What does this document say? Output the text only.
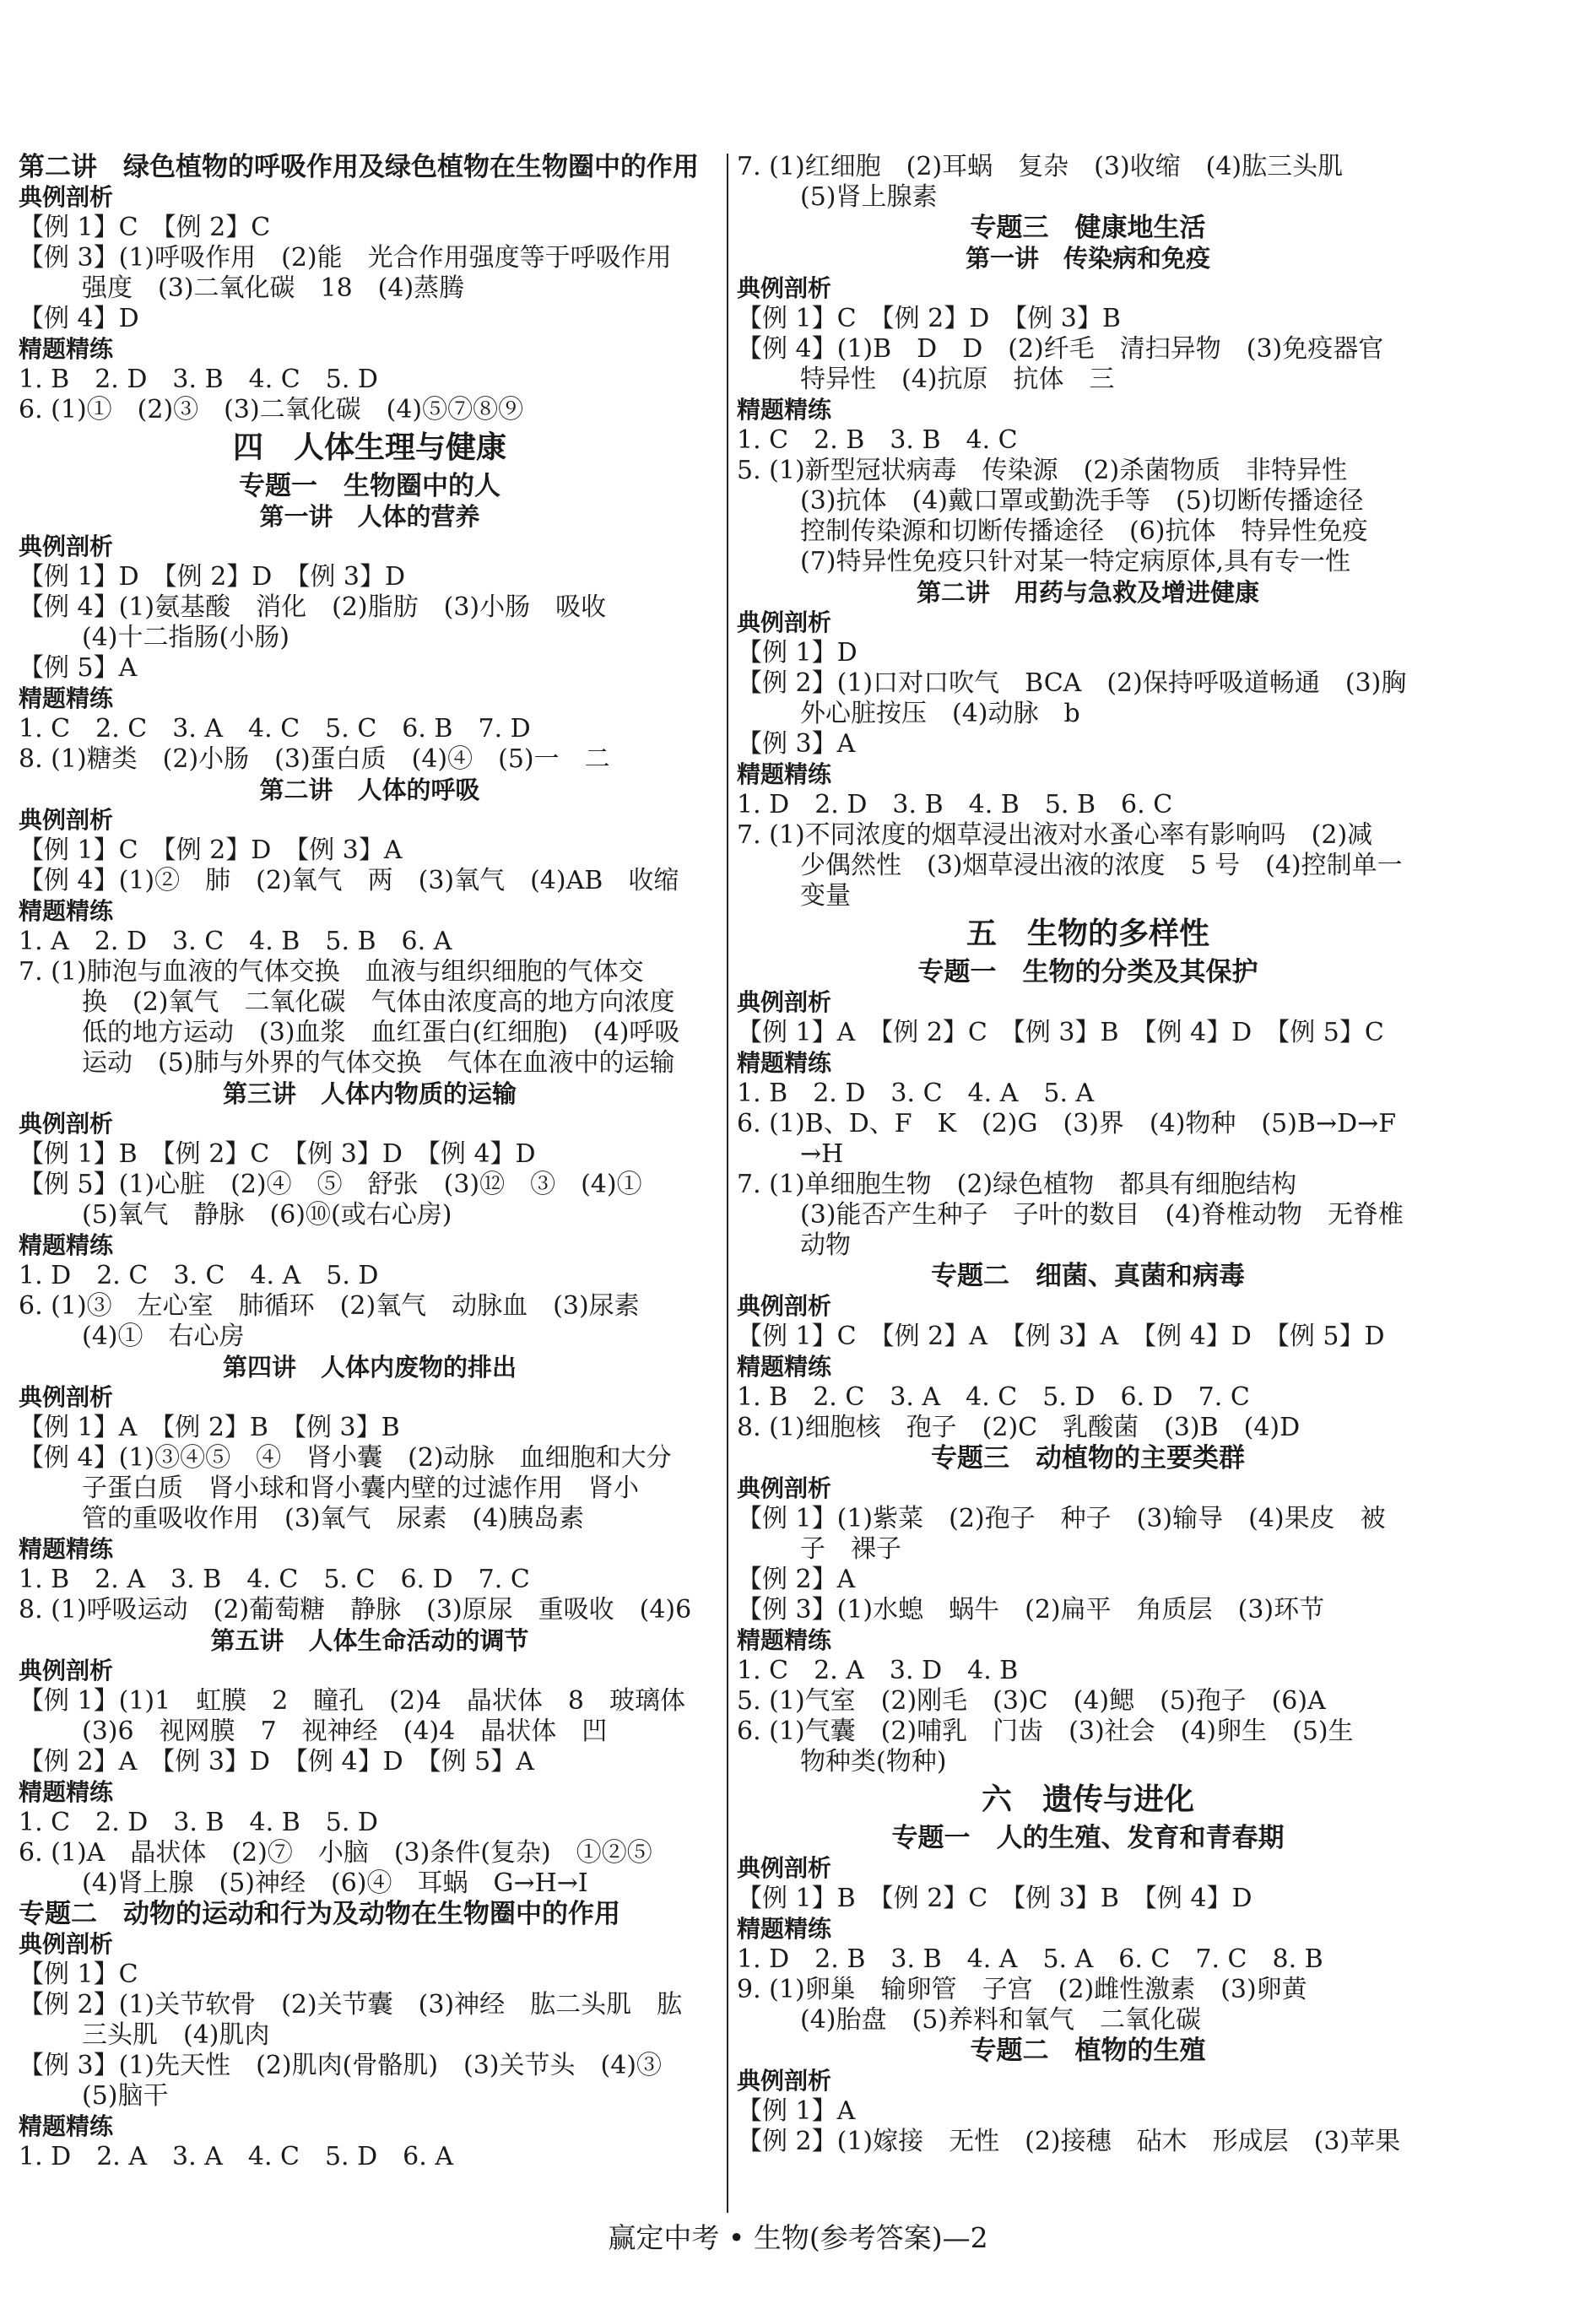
第二讲　绿色植物的呼吸作用及绿色植物在生物圈中的作用
典例剖析
【例 1】C　【例 2】C
【例 3】(1)呼吸作用　(2)能　光合作用强度等于呼吸作用
强度　(3)二氧化碳　18　(4)蒸腾
【例 4】D
精题精练
1. B　2. D　3. B　4. C　5. D
6. (1)①　(2)③　(3)二氧化碳　(4)⑤⑦⑧⑨
四　人体生理与健康
专题一　生物圈中的人
第一讲　人体的营养
典例剖析
【例 1】D　【例 2】D　【例 3】D
【例 4】(1)氨基酸　消化　(2)脂肪　(3)小肠　吸收
(4)十二指肠(小肠)
【例 5】A
精题精练
1. C　2. C　3. A　4. C　5. C　6. B　7. D
8. (1)糖类　(2)小肠　(3)蛋白质　(4)④　(5)一　二
第二讲　人体的呼吸
典例剖析
【例 1】C　【例 2】D　【例 3】A
【例 4】(1)②　肺　(2)氧气　两　(3)氧气　(4)AB　收缩
精题精练
1. A　2. D　3. C　4. B　5. B　6. A
7. (1)肺泡与血液的气体交换　血液与组织细胞的气体交
换　(2)氧气　二氧化碳　气体由浓度高的地方向浓度
低的地方运动　(3)血浆　血红蛋白(红细胞)　(4)呼吸
运动　(5)肺与外界的气体交换　气体在血液中的运输
第三讲　人体内物质的运输
典例剖析
【例 1】B　【例 2】C　【例 3】D　【例 4】D
【例 5】(1)心脏　(2)④　⑤　舒张　(3)⑫　③　(4)①
(5)氧气　静脉　(6)⑩(或右心房)
精题精练
1. D　2. C　3. C　4. A　5. D
6. (1)③　左心室　肺循环　(2)氧气　动脉血　(3)尿素
(4)①　右心房
第四讲　人体内废物的排出
典例剖析
【例 1】A　【例 2】B　【例 3】B
【例 4】(1)③④⑤　④　肾小囊　(2)动脉　血细胞和大分
子蛋白质　肾小球和肾小囊内壁的过滤作用　肾小
管的重吸收作用　(3)氧气　尿素　(4)胰岛素
精题精练
1. B　2. A　3. B　4. C　5. C　6. D　7. C
8. (1)呼吸运动　(2)葡萄糖　静脉　(3)原尿　重吸收　(4)6
第五讲　人体生命活动的调节
典例剖析
【例 1】(1)1　虹膜　2　瞳孔　(2)4　晶状体　8　玻璃体
(3)6　视网膜　7　视神经　(4)4　晶状体　凹
【例 2】A　【例 3】D　【例 4】D　【例 5】A
精题精练
1. C　2. D　3. B　4. B　5. D
6. (1)A　晶状体　(2)⑦　小脑　(3)条件(复杂)　①②⑤
(4)肾上腺　(5)神经　(6)④　耳蜗　G→H→I
专题二　动物的运动和行为及动物在生物圈中的作用
典例剖析
【例 1】C
【例 2】(1)关节软骨　(2)关节囊　(3)神经　肱二头肌　肱
三头肌　(4)肌肉
【例 3】(1)先天性　(2)肌肉(骨骼肌)　(3)关节头　(4)③
(5)脑干
精题精练
1. D　2. A　3. A　4. C　5. D　6. A
7. (1)红细胞　(2)耳蜗　复杂　(3)收缩　(4)肱三头肌
(5)肾上腺素
专题三　健康地生活
第一讲　传染病和免疫
典例剖析
【例 1】C　【例 2】D　【例 3】B
【例 4】(1)B　D　D　(2)纤毛　清扫异物　(3)免疫器官
特异性　(4)抗原　抗体　三
精题精练
1. C　2. B　3. B　4. C
5. (1)新型冠状病毒　传染源　(2)杀菌物质　非特异性
(3)抗体　(4)戴口罩或勤洗手等　(5)切断传播途径
控制传染源和切断传播途径　(6)抗体　特异性免疫
(7)特异性免疫只针对某一特定病原体,具有专一性
第二讲　用药与急救及增进健康
典例剖析
【例 1】D
【例 2】(1)口对口吹气　BCA　(2)保持呼吸道畅通　(3)胸
外心脏按压　(4)动脉　b
【例 3】A
精题精练
1. D　2. D　3. B　4. B　5. B　6. C
7. (1)不同浓度的烟草浸出液对水蚤心率有影响吗　(2)减
少偶然性　(3)烟草浸出液的浓度　5 号　(4)控制单一
变量
五　生物的多样性
专题一　生物的分类及其保护
典例剖析
【例 1】A　【例 2】C　【例 3】B　【例 4】D　【例 5】C
精题精练
1. B　2. D　3. C　4. A　5. A
6. (1)B、D、F　K　(2)G　(3)界　(4)物种　(5)B→D→F
→H
7. (1)单细胞生物　(2)绿色植物　都具有细胞结构
(3)能否产生种子　子叶的数目　(4)脊椎动物　无脊椎
动物
专题二　细菌、真菌和病毒
典例剖析
【例 1】C　【例 2】A　【例 3】A　【例 4】D　【例 5】D
精题精练
1. B　2. C　3. A　4. C　5. D　6. D　7. C
8. (1)细胞核　孢子　(2)C　乳酸菌　(3)B　(4)D
专题三　动植物的主要类群
典例剖析
【例 1】(1)紫菜　(2)孢子　种子　(3)输导　(4)果皮　被
子　裸子
【例 2】A
【例 3】(1)水螅　蜗牛　(2)扁平　角质层　(3)环节
精题精练
1. C　2. A　3. D　4. B
5. (1)气室　(2)刚毛　(3)C　(4)鳃　(5)孢子　(6)A
6. (1)气囊　(2)哺乳　门齿　(3)社会　(4)卵生　(5)生
物种类(物种)
六　遗传与进化
专题一　人的生殖、发育和青春期
典例剖析
【例 1】B　【例 2】C　【例 3】B　【例 4】D
精题精练
1. D　2. B　3. B　4. A　5. A　6. C　7. C　8. B
9. (1)卵巢　输卵管　子宫　(2)雌性激素　(3)卵黄
(4)胎盘　(5)养料和氧气　二氧化碳
专题二　植物的生殖
典例剖析
【例 1】A
【例 2】(1)嫁接　无性　(2)接穗　砧木　形成层　(3)苹果
赢定中考 • 生物(参考答案)—2
